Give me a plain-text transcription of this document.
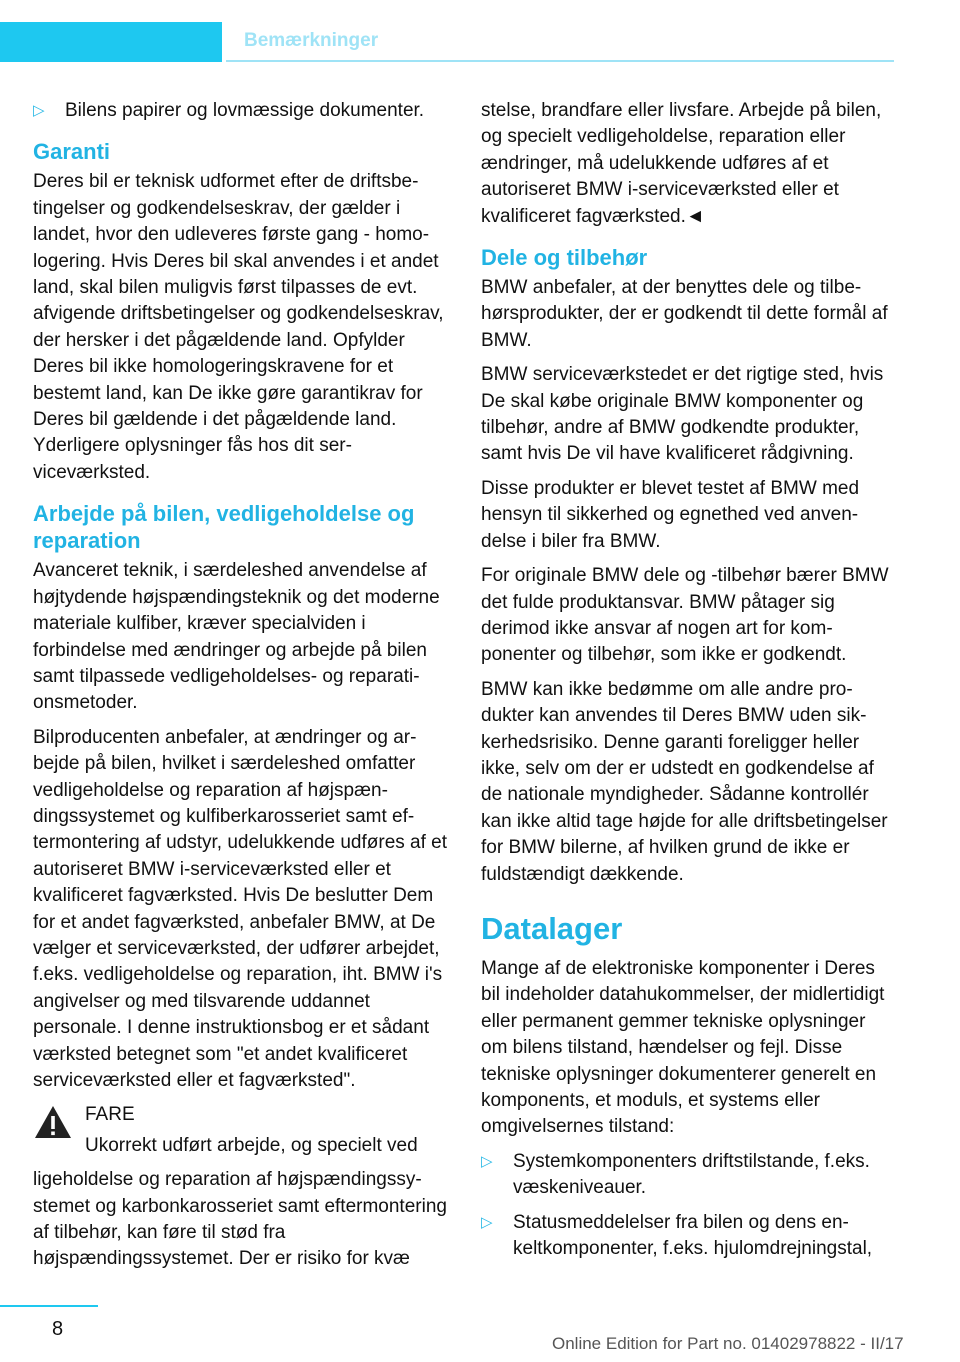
Bemærkninger
▷ Bilens papirer og lovmæssige dokumenter.
Garanti

Deres bil er teknisk udformet efter de driftsbetingelser og godkendelseskrav, der gælder i landet, hvor den udleveres første gang - homologering. Hvis Deres bil skal anvendes i et andet land, skal bilen muligvis først tilpasses de evt. afvigende driftsbetingelser og godkendelseskrav, der hersker i det pågældende land. Opfylder Deres bil ikke homologeringskravene for et bestemt land, kan De ikke gøre garantikrav for Deres bil gældende i det pågældende land. Yderligere oplysninger fås hos dit serviceværksted.

Arbejde på bilen, vedligeholdelse og reparation

Avanceret teknik, i særdeleshed anvendelse af højtydende højspændingsteknik og det moderne materiale kulfiber, kræver specialviden i forbindelse med ændringer og arbejde på bilen samt tilpassede vedligeholdelses- og reparationsmetoder.

Bilproducenten anbefaler, at ændringer og arbejde på bilen, hvilket i særdeleshed omfatter vedligeholdelse og reparation af højspændingssystemet og kulfiberkarosseriet samt eftermontering af udstyr, udelukkende udføres af et autoriseret BMW i-serviceværksted eller et kvalificeret fagværksted. Hvis De beslutter Dem for et andet fagværksted, anbefaler BMW, at De vælger et serviceværksted, der udfører arbejdet, f.eks. vedligeholdelse og reparation, iht. BMW i's angivelser og med tilsvarende uddannet personale. I denne instruktionsbog er et sådant værksted betegnet som "et andet kvalificeret serviceværksted eller et fagværksted".

FARE

Ukorrekt udført arbejde, og specielt ved

ligeholdelse og reparation af højspændingssystemet og karbonkarosseriet samt eftermontering af tilbehør, kan føre til stød fra højspændingssystemet. Der er risiko for kvæ

stelse, brandfare eller livsfare. Arbejde på bilen, og specielt vedligeholdelse, reparation eller ændringer, må udelukkende udføres af et autoriseret BMW i-serviceværksted eller et kvalificeret fagværksted.◄

Dele og tilbehør

BMW anbefaler, at der benyttes dele og tilbehørsprodukter, der er godkendt til dette formål af BMW.

BMW serviceværkstedet er det rigtige sted, hvis De skal købe originale BMW komponenter og tilbehør, andre af BMW godkendte produkter, samt hvis De vil have kvalificeret rådgivning.

Disse produkter er blevet testet af BMW med hensyn til sikkerhed og egnethed ved anvendelse i biler fra BMW.

For originale BMW dele og -tilbehør bærer BMW det fulde produktansvar. BMW påtager sig derimod ikke ansvar af nogen art for komponenter og tilbehør, som ikke er godkendt.

BMW kan ikke bedømme om alle andre produkter kan anvendes til Deres BMW uden sikkerhedsrisiko. Denne garanti foreligger heller ikke, selv om der er udstedt en godkendelse af de nationale myndigheder. Sådanne kontrollér kan ikke altid tage højde for alle driftsbetingelser for BMW bilerne, af hvilken grund de ikke er fuldstændigt dækkende.

Datalager

Mange af de elektroniske komponenter i Deres bil indeholder datahukommelser, der midlertidigt eller permanent gemmer tekniske oplysninger om bilens tilstand, hændelser og fejl. Disse tekniske oplysninger dokumenterer generelt en komponents, et moduls, et systems eller omgivelsernes tilstand:

▷ Systemkomponenters driftstilstande, f.eks. væskeniveauer.
▷ Statusmeddelelser fra bilen og dens enkeltkomponenter, f.eks. hjulomdrejningstal,
8
Online Edition for Part no. 01402978822 - II/17
